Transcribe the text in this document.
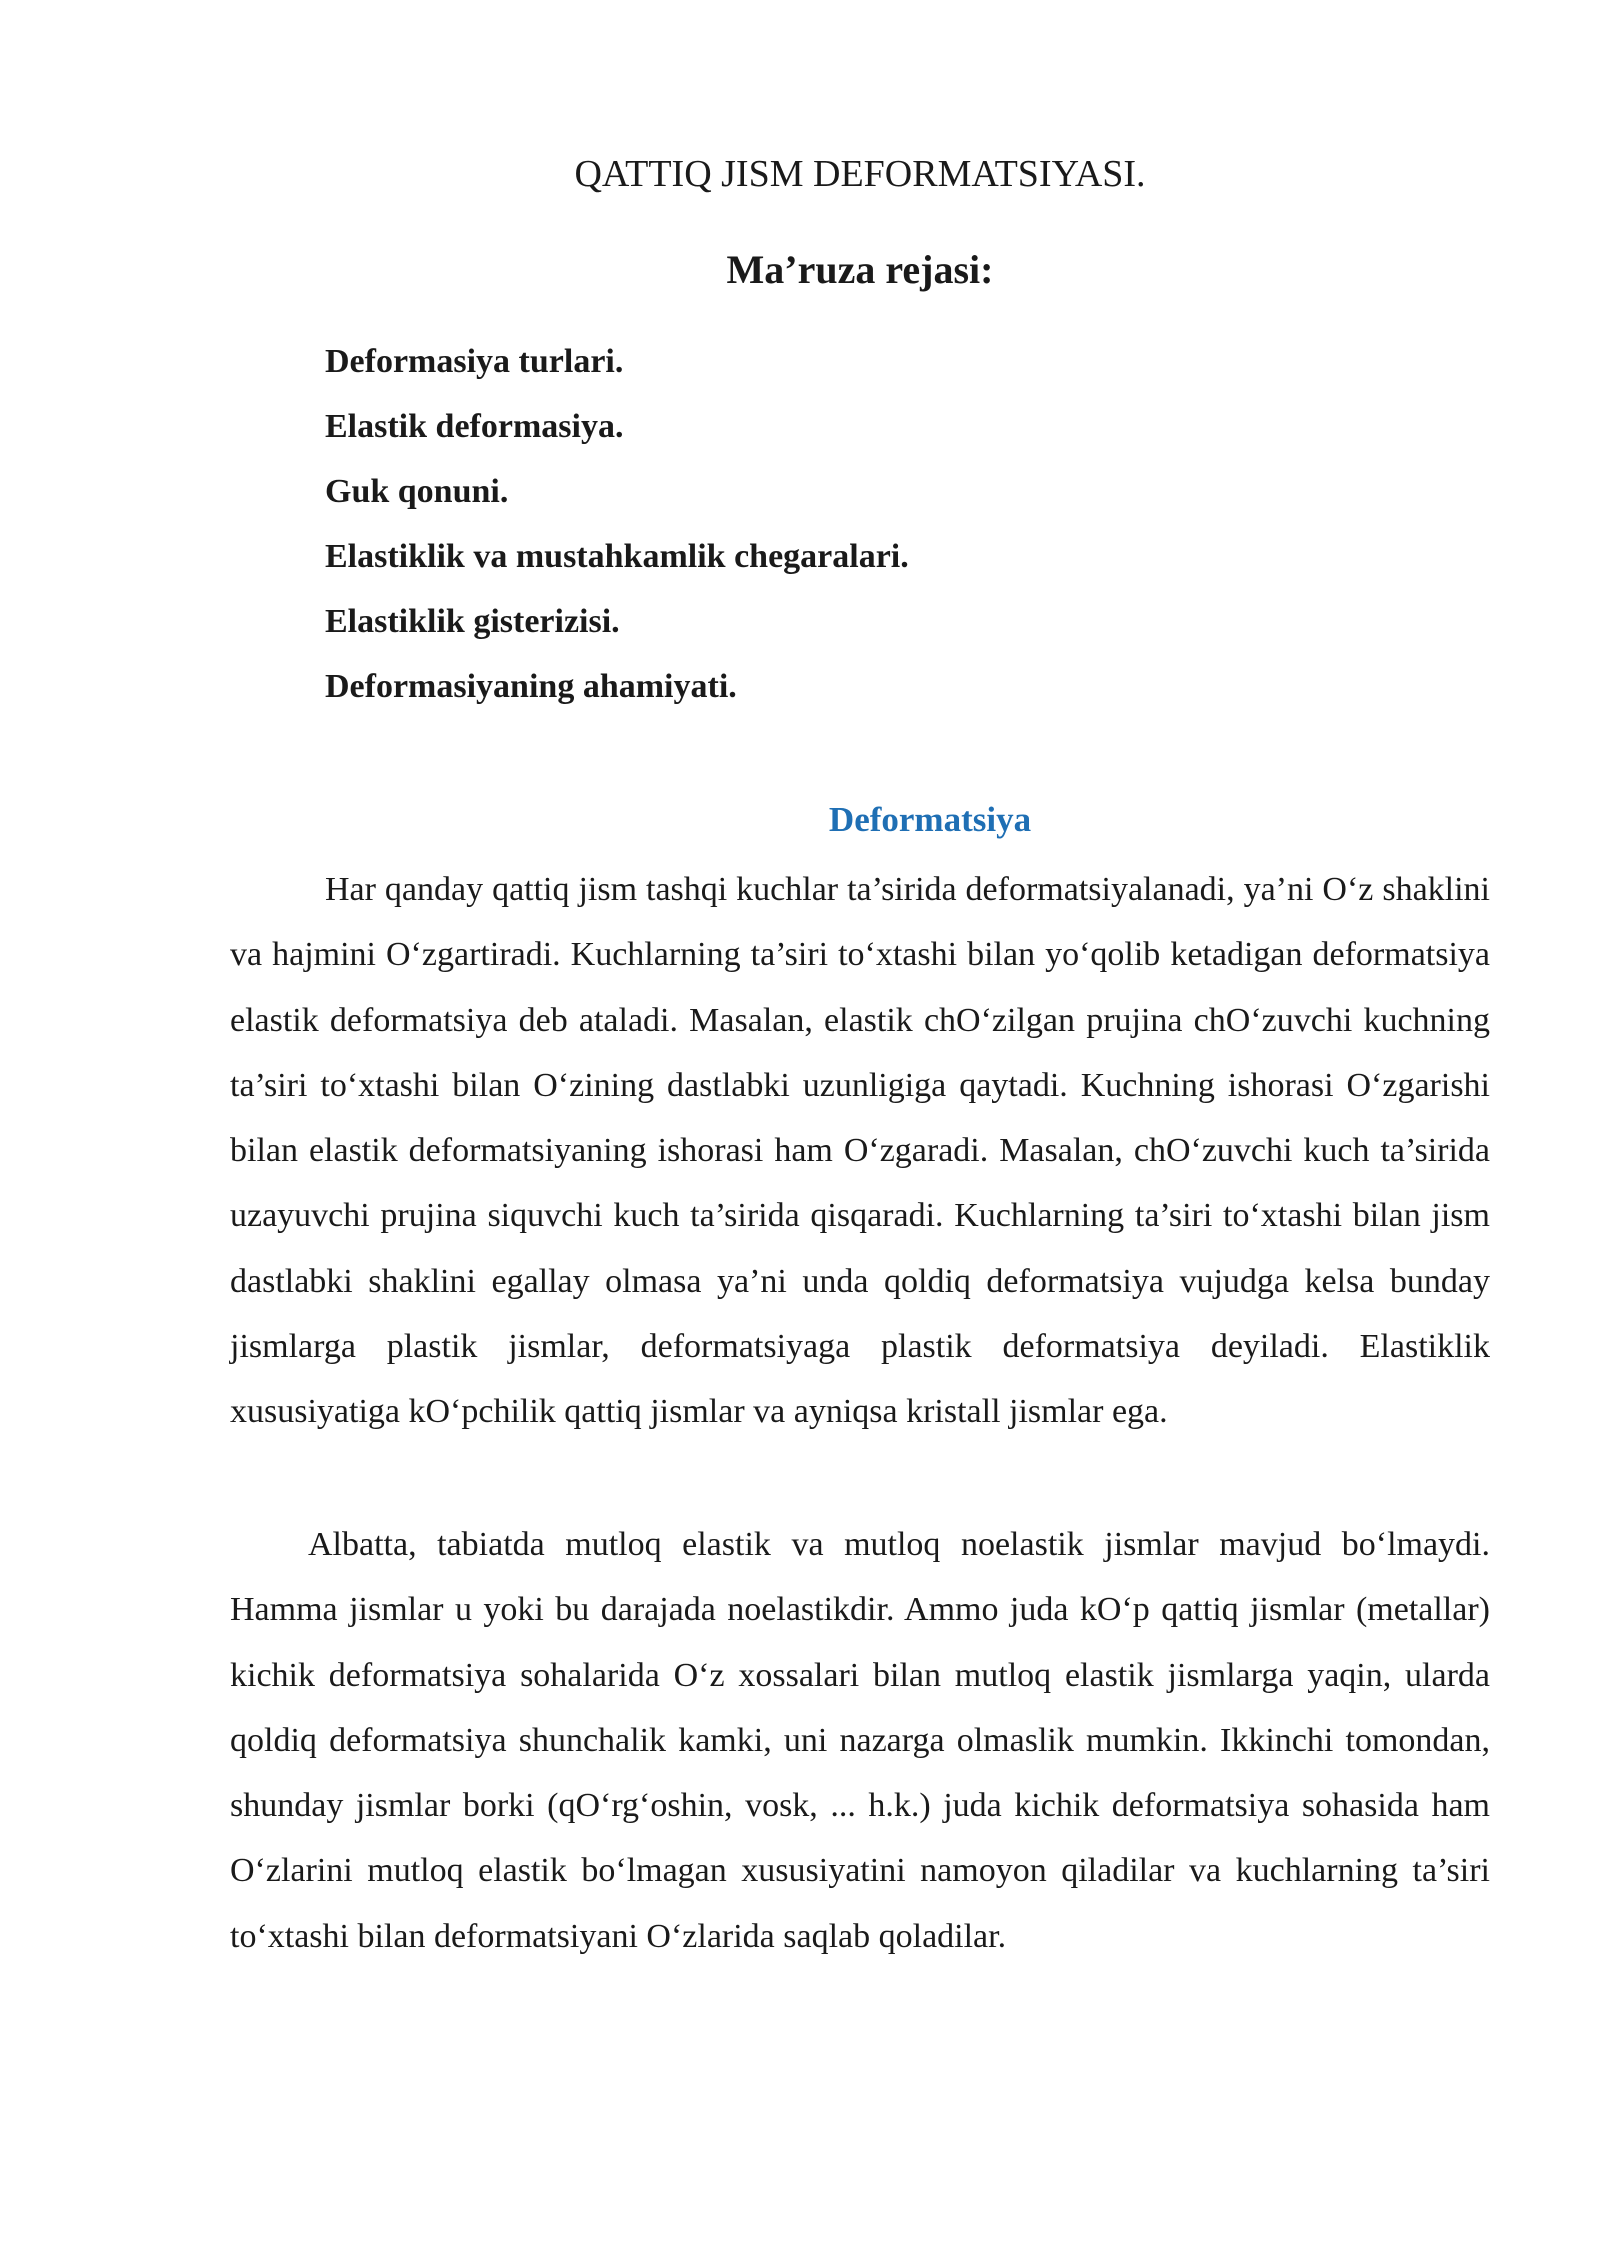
QATTIQ JISM DEFORMATSIYASI.
Ma’ruza rejasi:
Deformasiya turlari.
Elastik deformasiya.
Guk qonuni.
Elastiklik va mustahkamlik chegaralari.
Elastiklik gisterizisi.
Deformasiyaning ahamiyati.
Deformatsiya

Har qanday qattiq jism tashqi kuchlar ta’sirida deformatsiyalanadi, ya’ni O‘z shaklini va hajmini O‘zgartiradi. Kuchlarning ta’siri to‘xtashi bilan yo‘qolib ketadigan deformatsiya elastik deformatsiya deb ataladi. Masalan, elastik chO‘zilgan prujina chO‘zuvchi kuchning ta’siri to‘xtashi bilan O‘zining dastlabki uzunligiga qaytadi. Kuchning ishorasi O‘zgarishi bilan elastik deformatsiyaning ishorasi ham O‘zgaradi. Masalan, chO‘zuvchi kuch ta’sirida uzayuvchi prujina siquvchi kuch ta’sirida qisqaradi. Kuchlarning ta’siri to‘xtashi bilan jism dastlabki shaklini egallay olmasa ya’ni unda qoldiq deformatsiya vujudga kelsa bunday jismlarga plastik jismlar, deformatsiyaga plastik deformatsiya deyiladi. Elastiklik xususiyatiga kO‘pchilik qattiq jismlar va ayniqsa kristall jismlar ega.

Albatta, tabiatda mutloq elastik va mutloq noelastik jismlar mavjud bo‘lmaydi. Hamma jismlar u yoki bu darajada noelastikdir. Ammo juda kO‘p qattiq jismlar (metallar) kichik deformatsiya sohalarida O‘z xossalari bilan mutloq elastik jismlarga yaqin, ularda qoldiq deformatsiya shunchalik kamki, uni nazarga olmaslik mumkin. Ikkinchi tomondan, shunday jismlar borki (qO‘rg‘oshin, vosk, ... h.k.) juda kichik deformatsiya sohasida ham O‘zlarini mutloq elastik bo‘lmagan xususiyatini namoyon qiladilar va kuchlarning ta’siri to‘xtashi bilan deformatsiyani O‘zlarida saqlab qoladilar.
